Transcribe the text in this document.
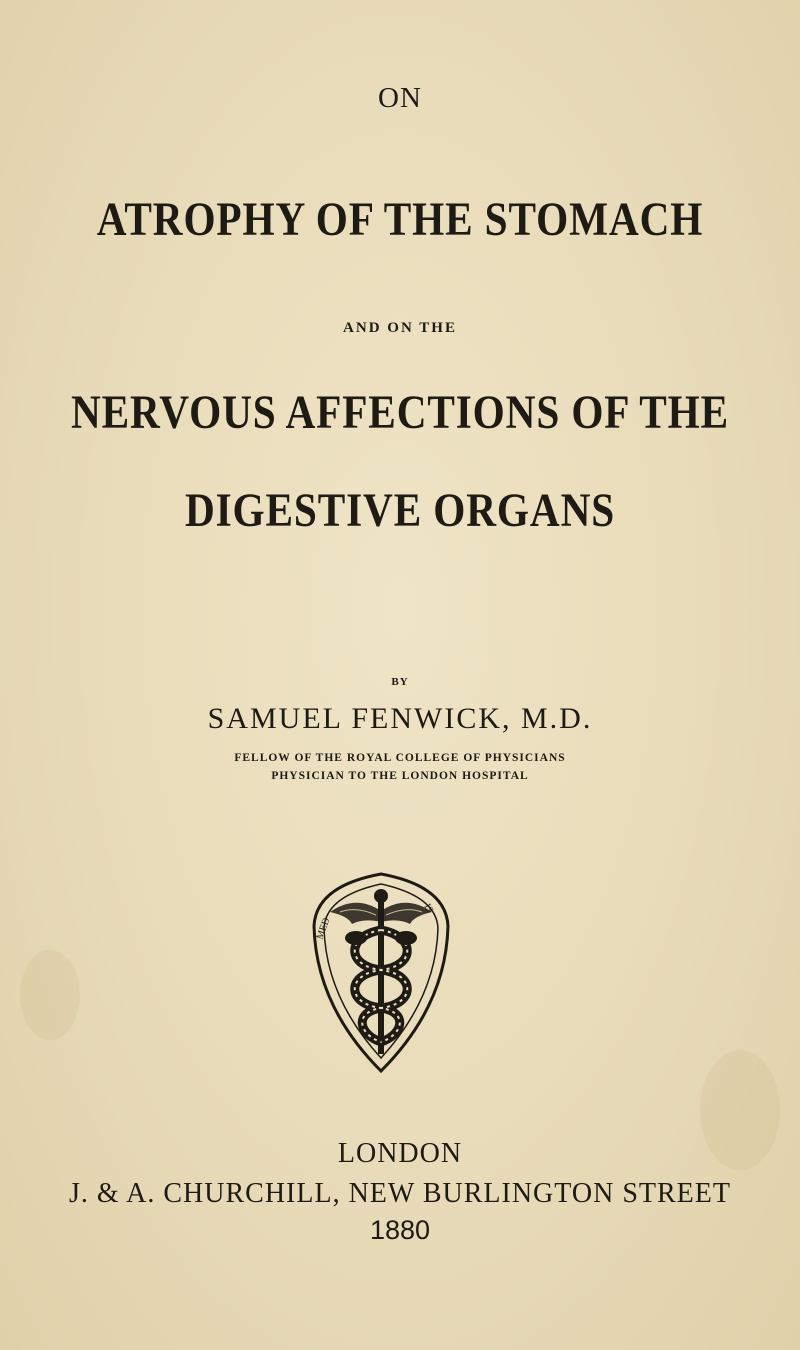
ON
ATROPHY OF THE STOMACH
AND ON THE
NERVOUS AFFECTIONS OF THE
DIGESTIVE ORGANS
BY
SAMUEL FENWICK, M.D.
FELLOW OF THE ROYAL COLLEGE OF PHYSICIANS
PHYSICIAN TO THE LONDON HOSPITAL
MED
IS
LONDON
J. & A. CHURCHILL, NEW BURLINGTON STREET
1880
